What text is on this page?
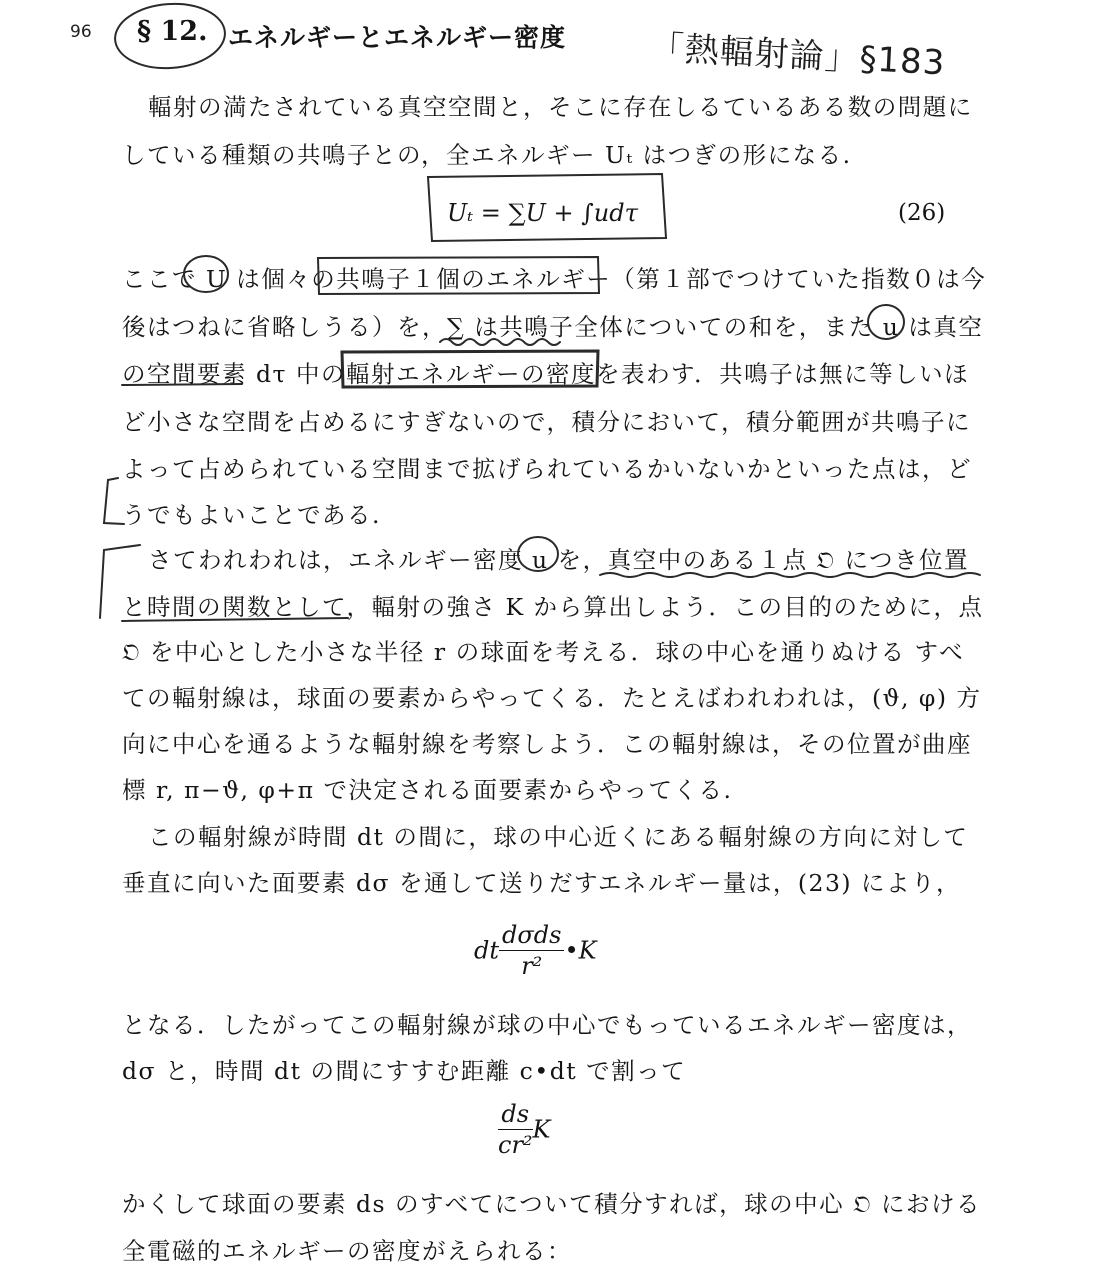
96 § 12. エネルギーとエネルギー密度 「熱輻射論」§183
輻射の満たされている真空空間と，そこに存在しるているある数の問題に
している種類の共鳴子との，全エネルギー Uₜ はつぎの形になる.
Uₜ = ∑U + ∫udτ	(26)
ここで U は個々の共鳴子１個のエネルギー（第１部でつけていた指数０は今
後はつねに省略しうる）を，∑ は共鳴子全体についての和を，また u は真空
の空間要素 dτ 中の輻射エネルギーの密度を表わす．共鳴子は無に等しいほ
ど小さな空間を占めるにすぎないので，積分において，積分範囲が共鳴子に
よって占められている空間まで拡げられているかいないかといった点は，ど
うでもよいことである.
さてわれわれは，エネルギー密度 u を，真空中のある１点 𝔒 につき位置
と時間の関数として，輻射の強さ K から算出しよう．この目的のために，点
𝔒 を中心とした小さな半径 r の球面を考える．球の中心を通りぬける すべ
ての輻射線は，球面の要素からやってくる．たとえばわれわれは，(ϑ, φ) 方
向に中心を通るような輻射線を考察しよう．この輻射線は，その位置が曲座
標 r, π−ϑ, φ+π で決定される面要素からやってくる.
この輻射線が時間 dt の間に，球の中心近くにある輻射線の方向に対して
垂直に向いた面要素 dσ を通して送りだすエネルギー量は，(23) により，
dt $\frac{\text{dσds}}{\text{r²}}$ •K
となる．したがってこの輻射線が球の中心でもっているエネルギー密度は，
dσ と，時間 dt の間にすすむ距離 c•dt で割って
$\frac{ds}{\text{cr²}}$ K
かくして球面の要素 ds のすべてについて積分すれば，球の中心 𝔒 における
全電磁的エネルギーの密度がえられる：
